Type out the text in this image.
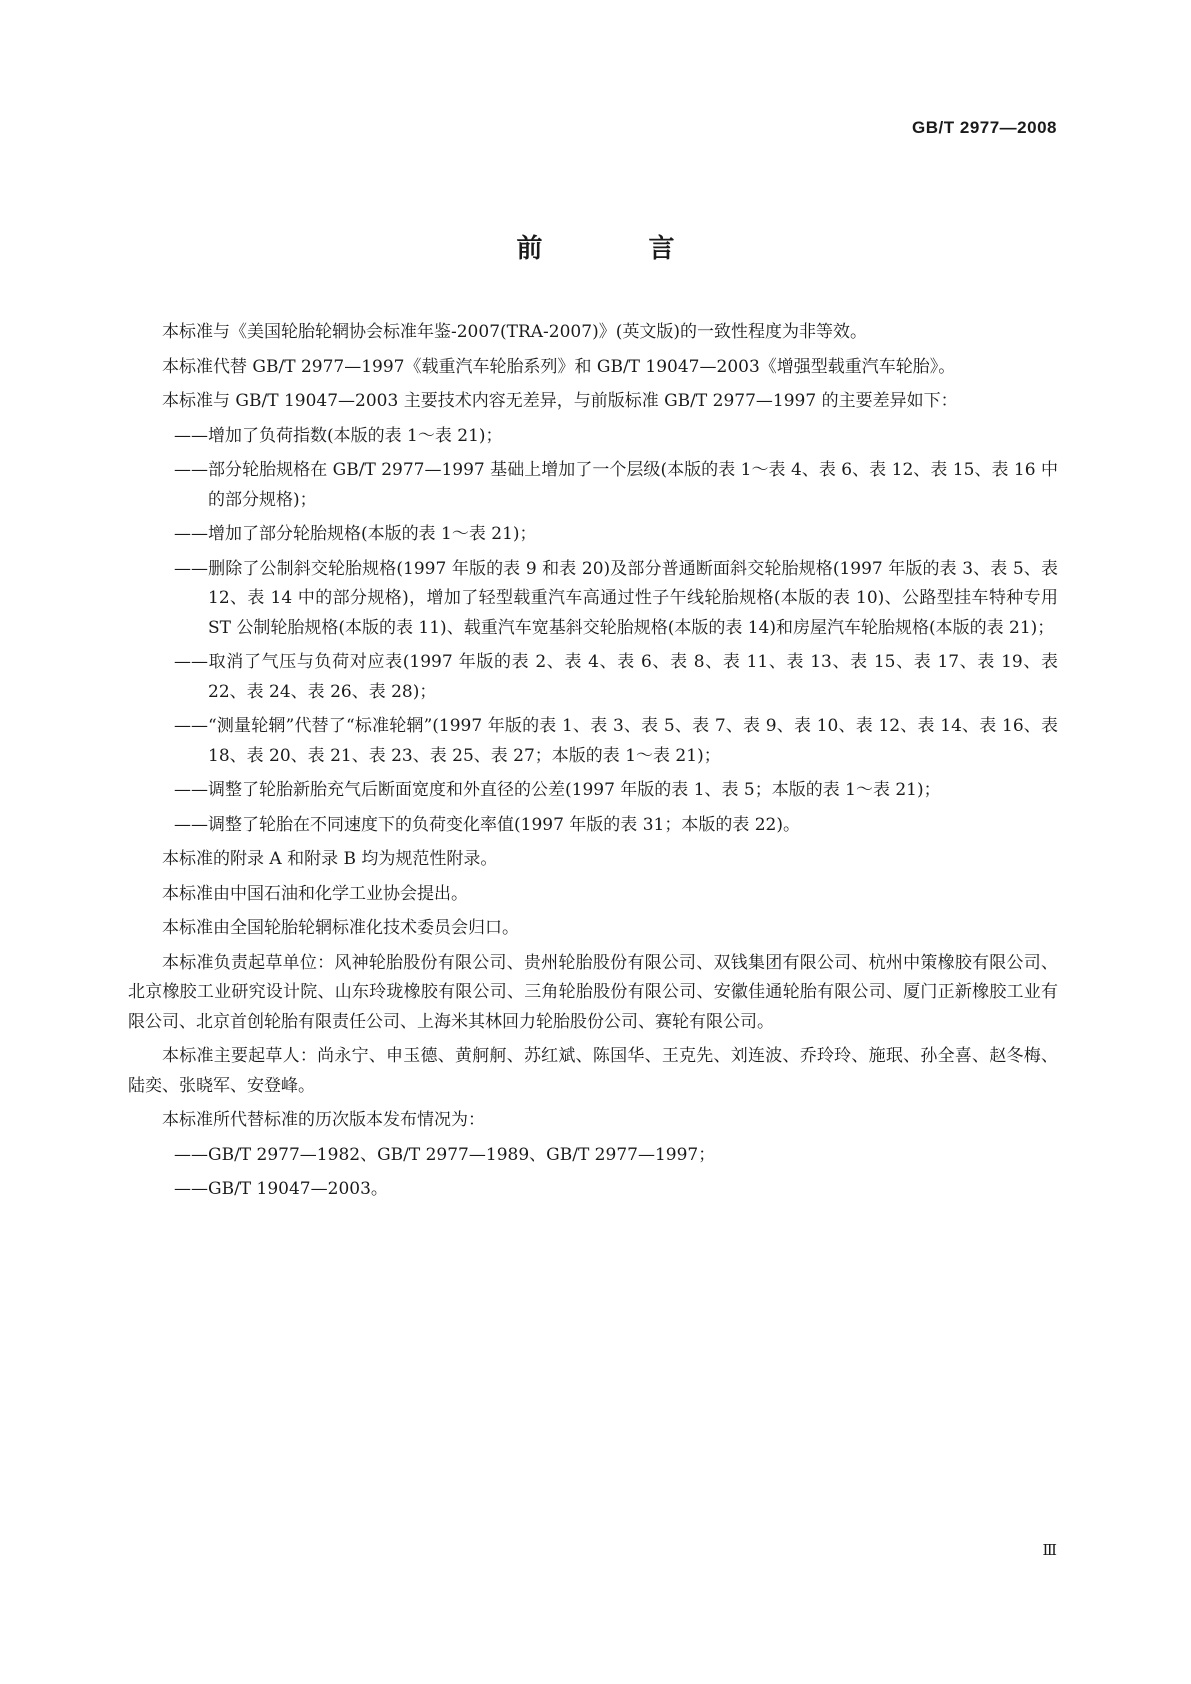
GB/T 2977—2008
前　言

本标准与《美国轮胎轮辋协会标准年鉴-2007(TRA-2007)》(英文版)的一致性程度为非等效。

本标准代替 GB/T 2977—1997《载重汽车轮胎系列》和 GB/T 19047—2003《增强型载重汽车轮胎》。

本标准与 GB/T 19047—2003 主要技术内容无差异，与前版标准 GB/T 2977—1997 的主要差异如下：

——增加了负荷指数(本版的表 1～表 21)；

——部分轮胎规格在 GB/T 2977—1997 基础上增加了一个层级(本版的表 1～表 4、表 6、表 12、表 15、表 16 中的部分规格)；

——增加了部分轮胎规格(本版的表 1～表 21)；

——删除了公制斜交轮胎规格(1997 年版的表 9 和表 20)及部分普通断面斜交轮胎规格(1997 年版的表 3、表 5、表 12、表 14 中的部分规格)，增加了轻型载重汽车高通过性子午线轮胎规格(本版的表 10)、公路型挂车特种专用 ST 公制轮胎规格(本版的表 11)、载重汽车宽基斜交轮胎规格(本版的表 14)和房屋汽车轮胎规格(本版的表 21)；

——取消了气压与负荷对应表(1997 年版的表 2、表 4、表 6、表 8、表 11、表 13、表 15、表 17、表 19、表 22、表 24、表 26、表 28)；

——“测量轮辋”代替了“标准轮辋”(1997 年版的表 1、表 3、表 5、表 7、表 9、表 10、表 12、表 14、表 16、表 18、表 20、表 21、表 23、表 25、表 27；本版的表 1～表 21)；

——调整了轮胎新胎充气后断面宽度和外直径的公差(1997 年版的表 1、表 5；本版的表 1～表 21)；

——调整了轮胎在不同速度下的负荷变化率值(1997 年版的表 31；本版的表 22)。

本标准的附录 A 和附录 B 均为规范性附录。

本标准由中国石油和化学工业协会提出。

本标准由全国轮胎轮辋标准化技术委员会归口。

本标准负责起草单位：风神轮胎股份有限公司、贵州轮胎股份有限公司、双钱集团有限公司、杭州中策橡胶有限公司、北京橡胶工业研究设计院、山东玲珑橡胶有限公司、三角轮胎股份有限公司、安徽佳通轮胎有限公司、厦门正新橡胶工业有限公司、北京首创轮胎有限责任公司、上海米其林回力轮胎股份公司、赛轮有限公司。

本标准主要起草人：尚永宁、申玉德、黄舸舸、苏红斌、陈国华、王克先、刘连波、乔玲玲、施珉、孙全喜、赵冬梅、陆奕、张晓军、安登峰。

本标准所代替标准的历次版本发布情况为：

——GB/T 2977—1982、GB/T 2977—1989、GB/T 2977—1997；

——GB/T 19047—2003。

Ⅲ
